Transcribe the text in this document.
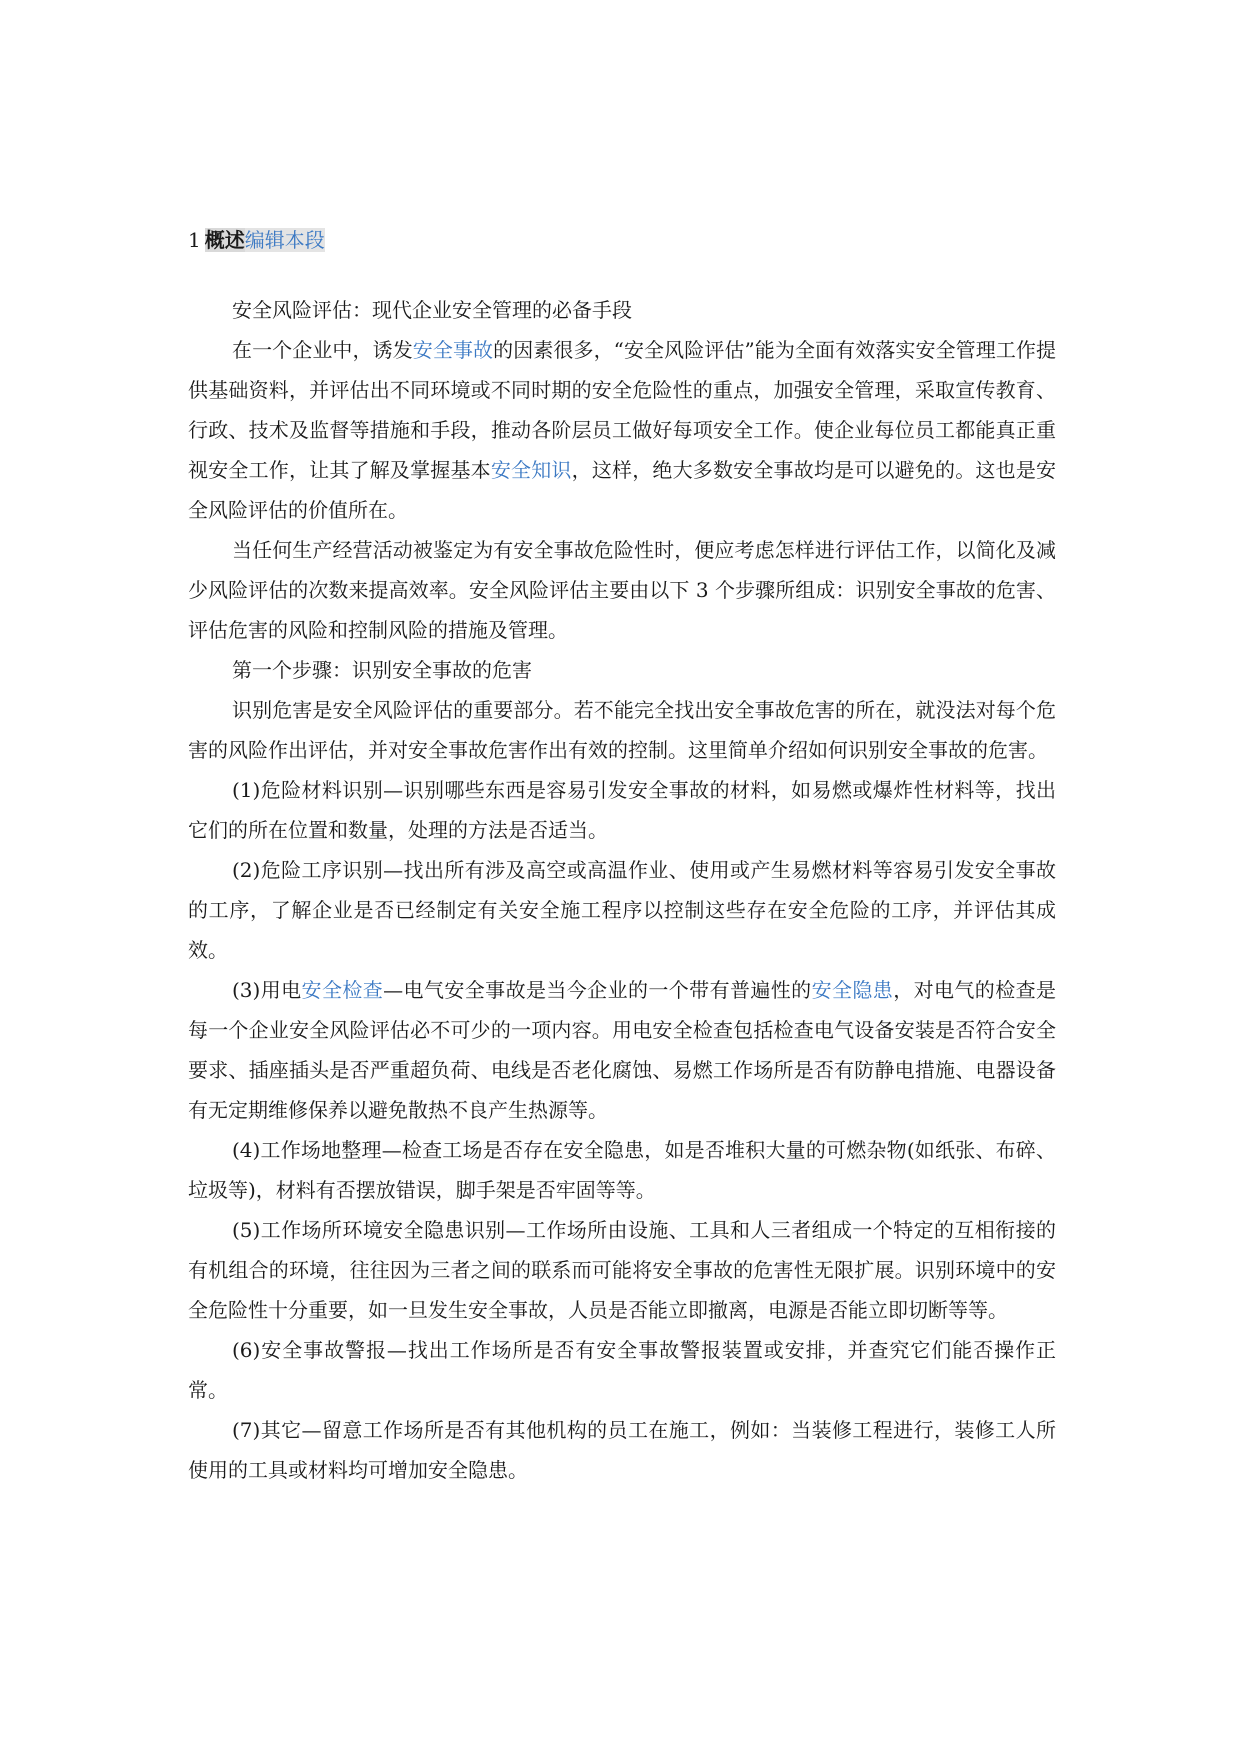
1 概述编辑本段

安全风险评估：现代企业安全管理的必备手段

在一个企业中，诱发安全事故的因素很多，“安全风险评估”能为全面有效落实安全管理工作提供基础资料，并评估出不同环境或不同时期的安全危险性的重点，加强安全管理，采取宣传教育、行政、技术及监督等措施和手段，推动各阶层员工做好每项安全工作。使企业每位员工都能真正重视安全工作，让其了解及掌握基本安全知识，这样，绝大多数安全事故均是可以避免的。这也是安全风险评估的价值所在。

当任何生产经营活动被鉴定为有安全事故危险性时，便应考虑怎样进行评估工作，以简化及减少风险评估的次数来提高效率。安全风险评估主要由以下 3 个步骤所组成：识别安全事故的危害、评估危害的风险和控制风险的措施及管理。

第一个步骤：识别安全事故的危害

识别危害是安全风险评估的重要部分。若不能完全找出安全事故危害的所在，就没法对每个危害的风险作出评估，并对安全事故危害作出有效的控制。这里简单介绍如何识别安全事故的危害。

(1)危险材料识别—识别哪些东西是容易引发安全事故的材料，如易燃或爆炸性材料等，找出它们的所在位置和数量，处理的方法是否适当。

(2)危险工序识别—找出所有涉及高空或高温作业、使用或产生易燃材料等容易引发安全事故的工序，了解企业是否已经制定有关安全施工程序以控制这些存在安全危险的工序，并评估其成效。

(3)用电安全检查—电气安全事故是当今企业的一个带有普遍性的安全隐患，对电气的检查是每一个企业安全风险评估必不可少的一项内容。用电安全检查包括检查电气设备安装是否符合安全要求、插座插头是否严重超负荷、电线是否老化腐蚀、易燃工作场所是否有防静电措施、电器设备有无定期维修保养以避免散热不良产生热源等。

(4)工作场地整理—检查工场是否存在安全隐患，如是否堆积大量的可燃杂物(如纸张、布碎、垃圾等)，材料有否摆放错误，脚手架是否牢固等等。

(5)工作场所环境安全隐患识别—工作场所由设施、工具和人三者组成一个特定的互相衔接的有机组合的环境，往往因为三者之间的联系而可能将安全事故的危害性无限扩展。识别环境中的安全危险性十分重要，如一旦发生安全事故，人员是否能立即撤离，电源是否能立即切断等等。

(6)安全事故警报—找出工作场所是否有安全事故警报装置或安排，并查究它们能否操作正常。

(7)其它—留意工作场所是否有其他机构的员工在施工，例如：当装修工程进行，装修工人所使用的工具或材料均可增加安全隐患。
